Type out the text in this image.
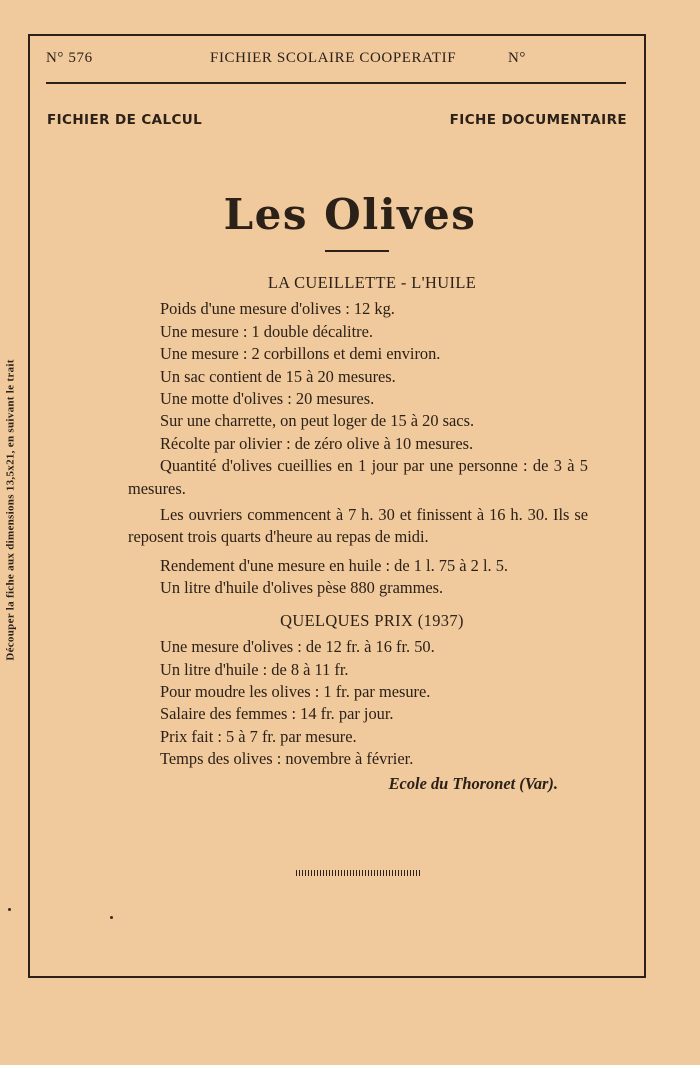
Découper la fiche aux dimensions 13,5x21, en suivant le trait
N° 576	FICHIER SCOLAIRE COOPERATIF	N°
FICHIER DE CALCUL	FICHE DOCUMENTAIRE
Les Olives
LA CUEILLETTE - L'HUILE
Poids d'une mesure d'olives : 12 kg.
Une mesure : 1 double décalitre.
Une mesure : 2 corbillons et demi environ.
Un sac contient de 15 à 20 mesures.
Une motte d'olives : 20 mesures.
Sur une charrette, on peut loger de 15 à 20 sacs.
Récolte par olivier : de zéro olive à 10 mesures.
Quantité d'olives cueillies en 1 jour par une personne : de 3 à 5 mesures.
Les ouvriers commencent à 7 h. 30 et finissent à 16 h. 30. Ils se reposent trois quarts d'heure au repas de midi.
Rendement d'une mesure en huile : de 1 l. 75 à 2 l. 5.
Un litre d'huile d'olives pèse 880 grammes.
QUELQUES PRIX (1937)
Une mesure d'olives : de 12 fr. à 16 fr. 50.
Un litre d'huile : de 8 à 11 fr.
Pour moudre les olives : 1 fr. par mesure.
Salaire des femmes : 14 fr. par jour.
Prix fait : 5 à 7 fr. par mesure.
Temps des olives : novembre à février.
Ecole du Thoronet (Var).
